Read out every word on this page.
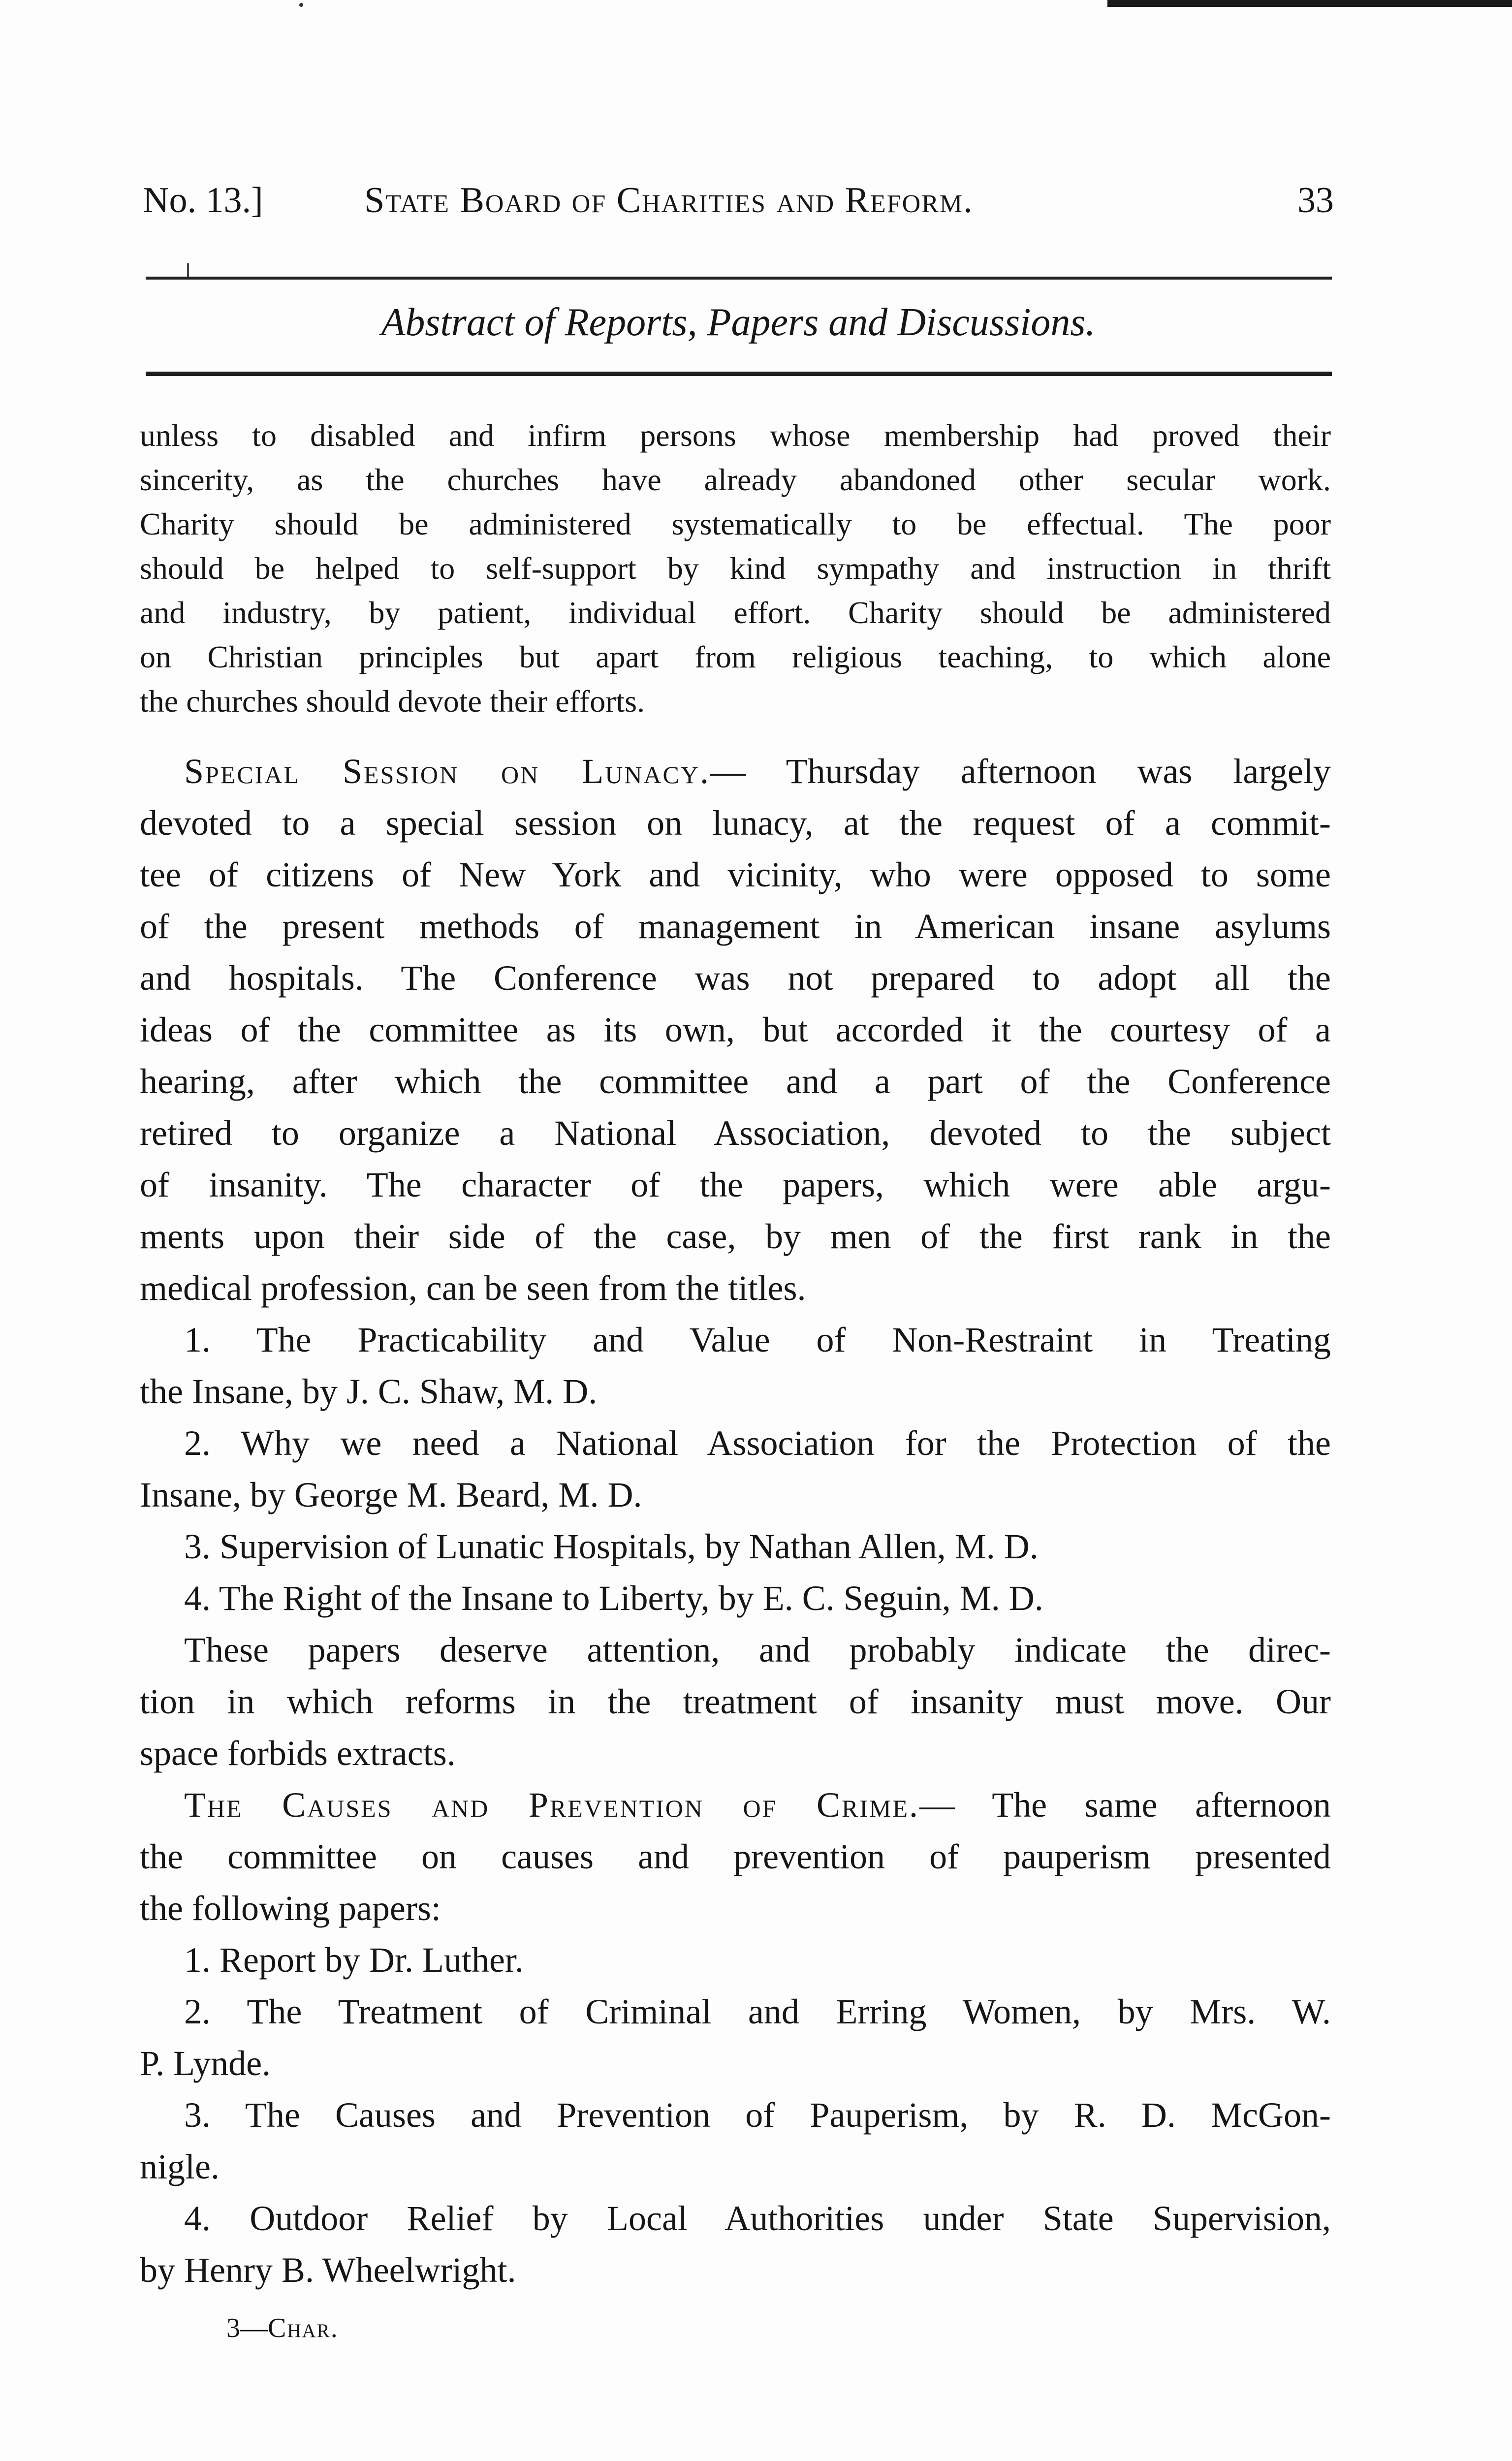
No. 13.]	State Board of Charities and Reform.	33
Abstract of Reports, Papers and Discussions.
unless to disabled and infirm persons whose membership had proved their
sincerity, as the churches have already abandoned other secular work.
Charity should be administered systematically to be effectual. The poor
should be helped to self-support by kind sympathy and instruction in thrift
and industry, by patient, individual effort. Charity should be administered
on Christian principles but apart from religious teaching, to which alone
the churches should devote their efforts.
Special Session on Lunacy.— Thursday afternoon was largely
devoted to a special session on lunacy, at the request of a commit-
tee of citizens of New York and vicinity, who were opposed to some
of the present methods of management in American insane asylums
and hospitals. The Conference was not prepared to adopt all the
ideas of the committee as its own, but accorded it the courtesy of a
hearing, after which the committee and a part of the Conference
retired to organize a National Association, devoted to the subject
of insanity. The character of the papers, which were able argu-
ments upon their side of the case, by men of the first rank in the
medical profession, can be seen from the titles.
1. The Practicability and Value of Non-Restraint in Treating
the Insane, by J. C. Shaw, M. D.
2. Why we need a National Association for the Protection of the
Insane, by George M. Beard, M. D.
3. Supervision of Lunatic Hospitals, by Nathan Allen, M. D.
4. The Right of the Insane to Liberty, by E. C. Seguin, M. D.
These papers deserve attention, and probably indicate the direc-
tion in which reforms in the treatment of insanity must move. Our
space forbids extracts.
The Causes and Prevention of Crime.— The same afternoon
the committee on causes and prevention of pauperism presented
the following papers:
1. Report by Dr. Luther.
2. The Treatment of Criminal and Erring Women, by Mrs. W.
P. Lynde.
3. The Causes and Prevention of Pauperism, by R. D. McGon-
nigle.
4. Outdoor Relief by Local Authorities under State Supervision,
by Henry B. Wheelwright.
3—Char.
